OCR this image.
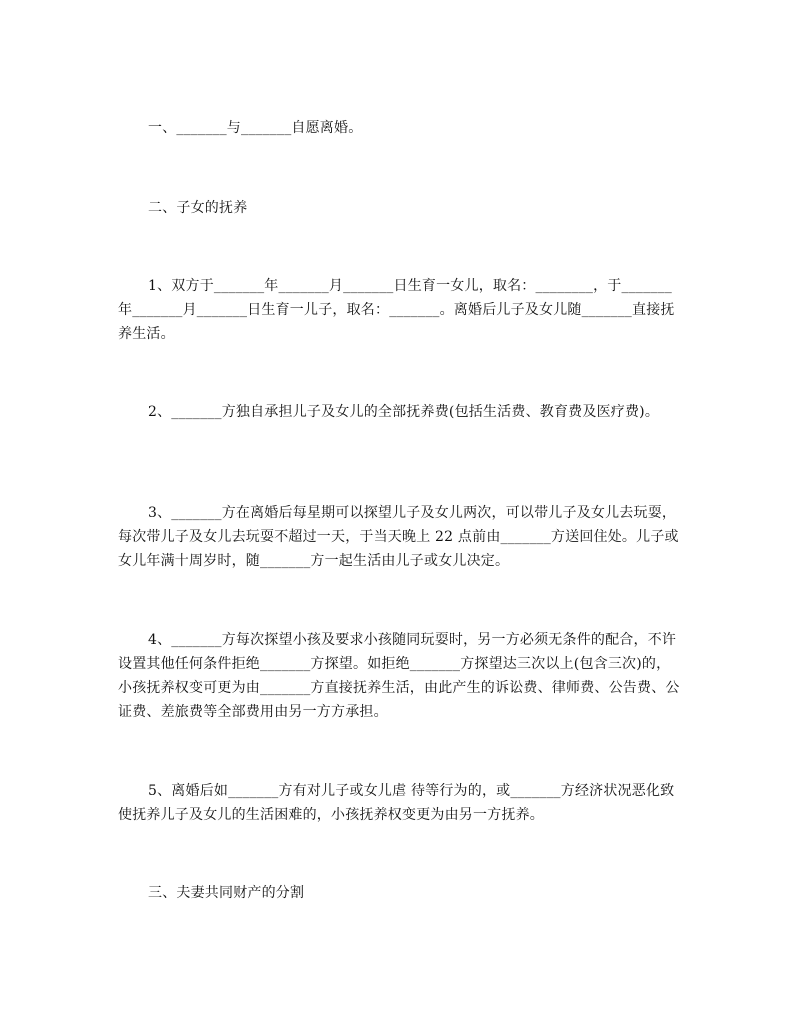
一、_______与_______自愿离婚。
二、子女的抚养
1、双方于_______年_______月_______日生育一女儿，取名：________，于_______年_______月_______日生育一儿子，取名：_______。离婚后儿子及女儿随_______直接抚养生活。
2、_______方独自承担儿子及女儿的全部抚养费(包括生活费、教育费及医疗费)。
3、_______方在离婚后每星期可以探望儿子及女儿两次，可以带儿子及女儿去玩耍，每次带儿子及女儿去玩耍不超过一天，于当天晚上 22 点前由_______方送回住处。儿子或女儿年满十周岁时，随_______方一起生活由儿子或女儿决定。
4、_______方每次探望小孩及要求小孩随同玩耍时，另一方必须无条件的配合，不许设置其他任何条件拒绝_______方探望。如拒绝_______方探望达三次以上(包含三次)的，小孩抚养权变可更为由_______方直接抚养生活，由此产生的诉讼费、律师费、公告费、公证费、差旅费等全部费用由另一方方承担。
5、离婚后如_______方有对儿子或女儿虐 待等行为的，或_______方经济状况恶化致使抚养儿子及女儿的生活困难的，小孩抚养权变更为由另一方抚养。
三、夫妻共同财产的分割
